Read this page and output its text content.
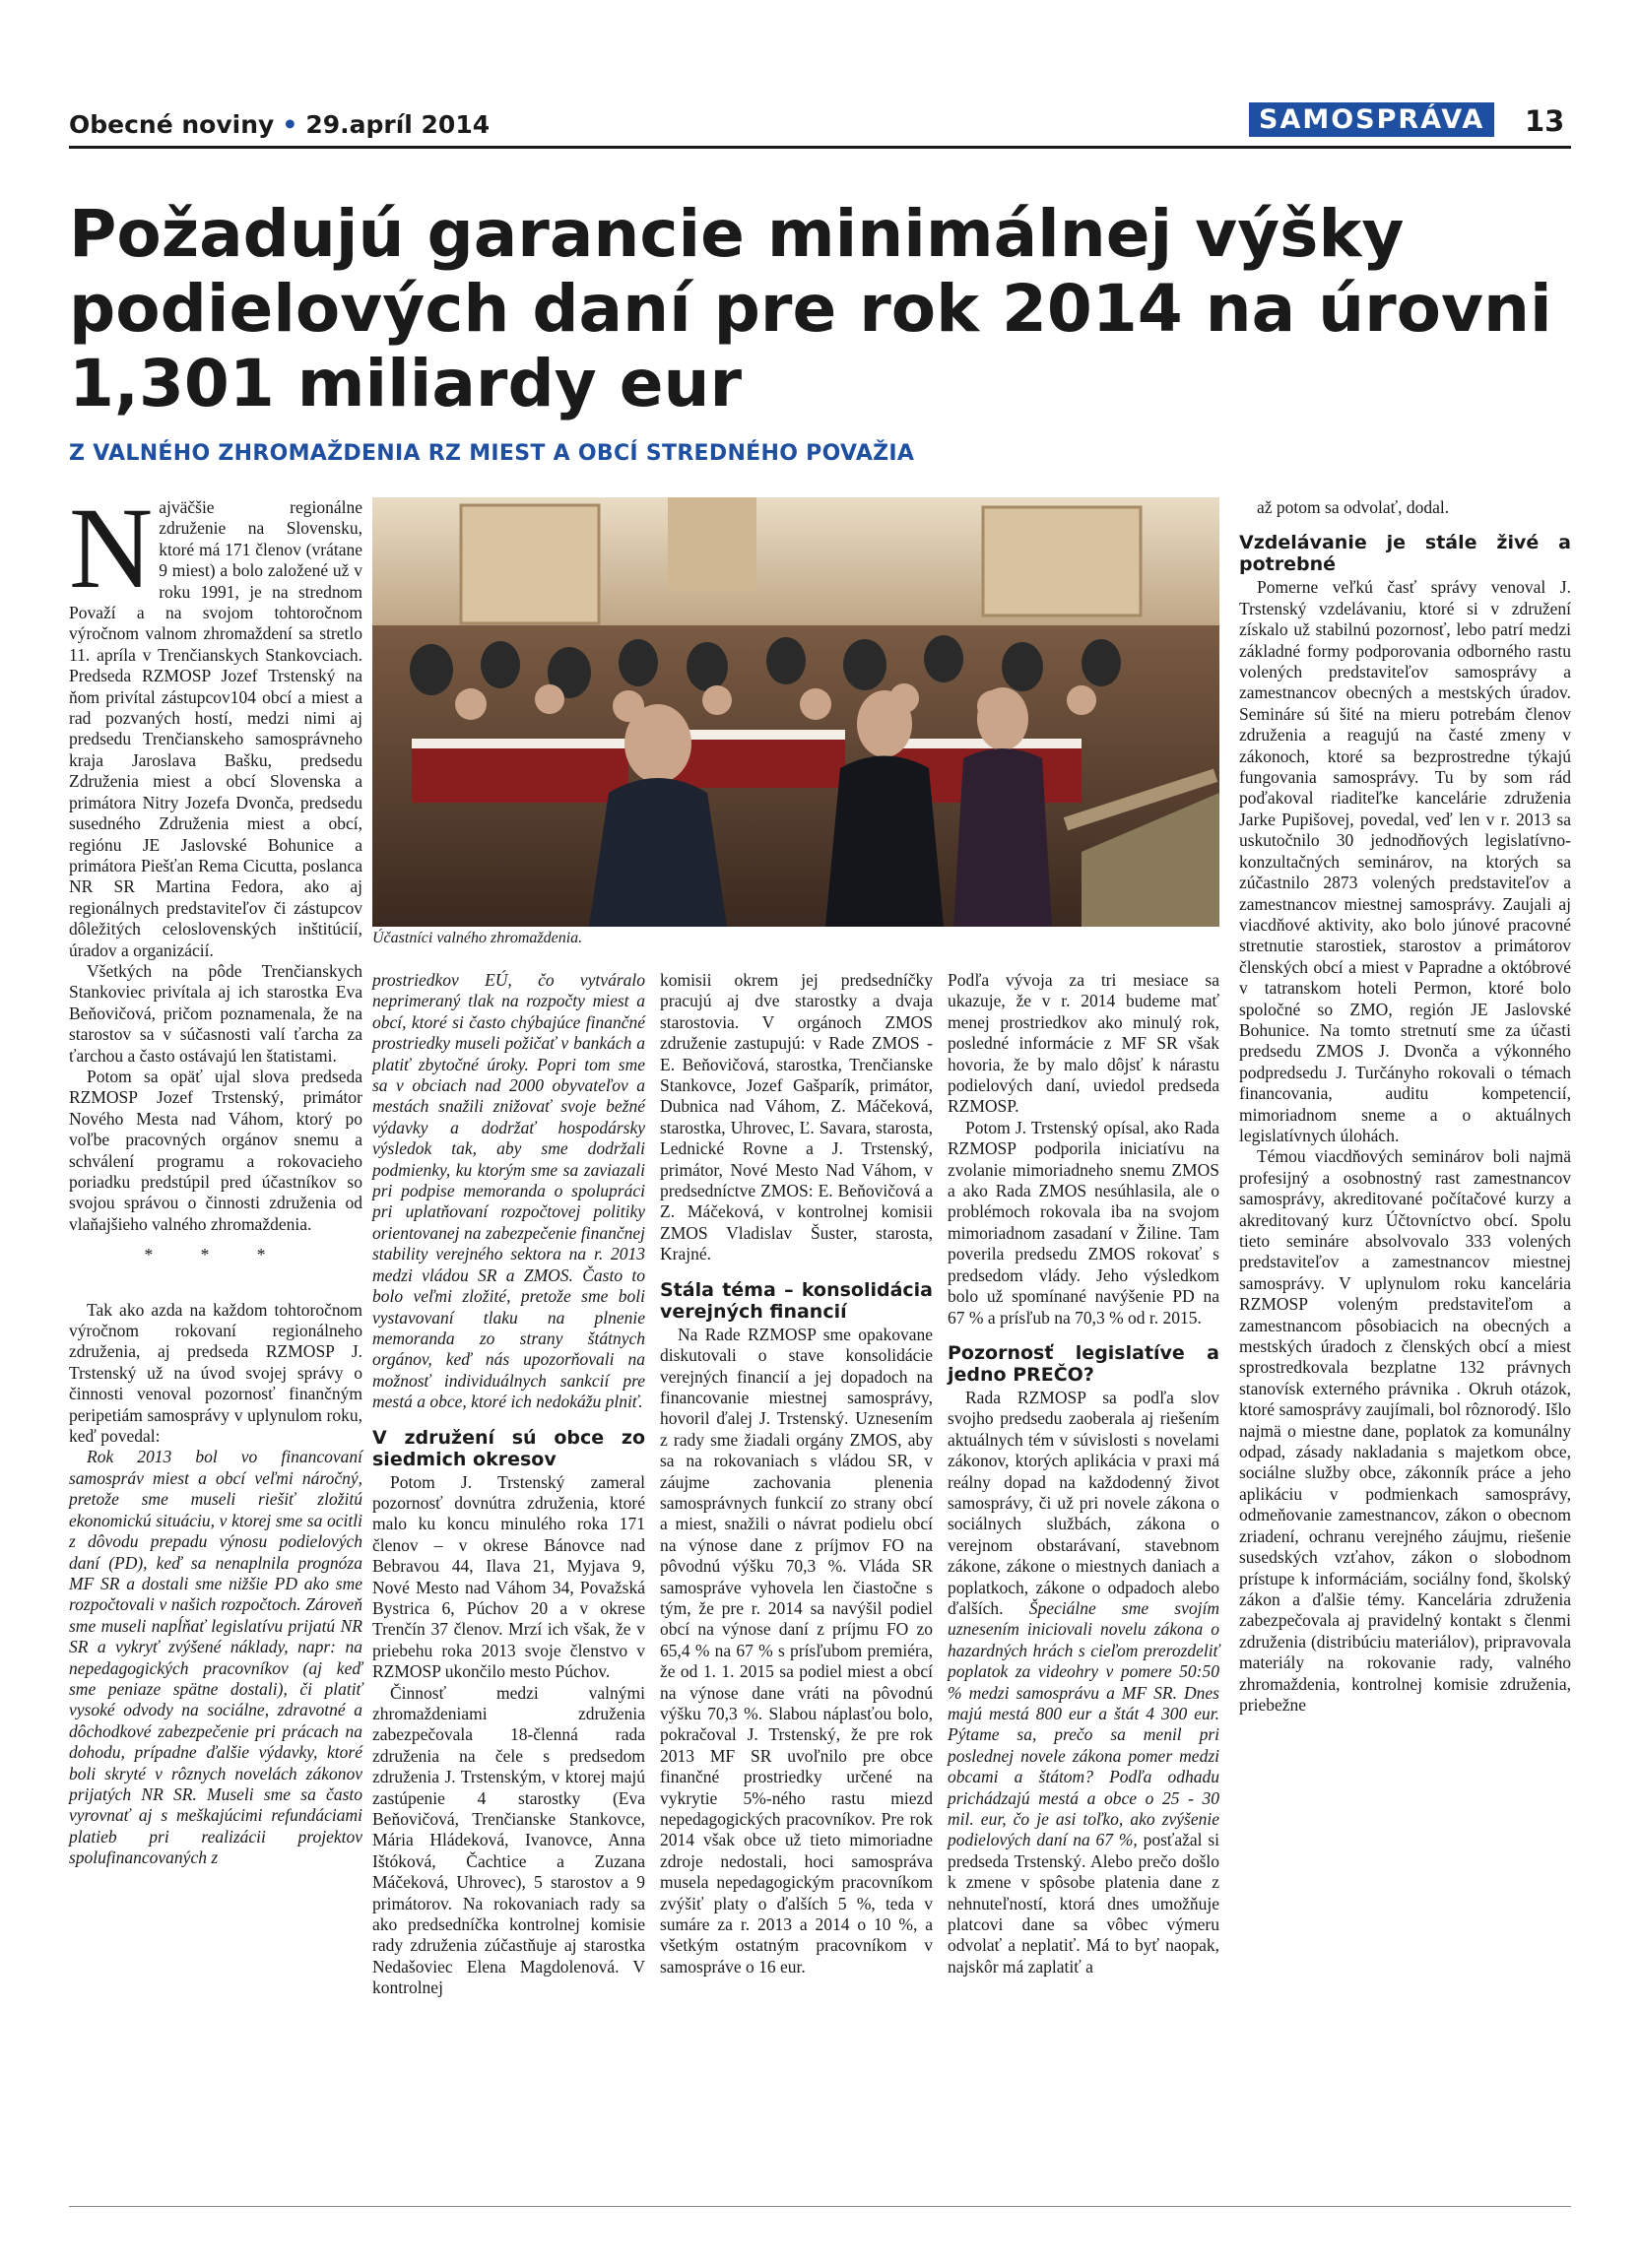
Obecné noviny • 29.apríl 2014	SAMOSPRÁVA	13
Požadujú garancie minimálnej výšky podielových daní pre rok 2014 na úrovni 1,301 miliardy eur
Z VALNÉHO ZHROMAŽDENIA RZ MIEST A OBCÍ STREDNÉHO POVAŽIA
N ajväčšie regionálne združenie na Slovensku, ktoré má 171 členov (vrátane 9 miest) a bolo založené už v roku 1991, je na strednom Považí a na svojom tohtoročnom výročnom valnom zhromaždení sa stretlo 11. apríla v Trenčianskych Stankovciach. Predseda RZMOSP Jozef Trstenský na ňom privítal zástupcov104 obcí a miest a rad pozvaných hostí, medzi nimi aj predsedu Trenčianskeho samosprávneho kraja Jaroslava Bašku, predsedu Združenia miest a obcí Slovenska a primátora Nitry Jozefa Dvonča, predsedu susedného Združenia miest a obcí, regiónu JE Jaslovské Bohunice a primátora Piešťan Rema Cicutta, poslanca NR SR Martina Fedora, ako aj regionálnych predstaviteľov či zástupcov dôležitých celoslovenských inštitúcií, úradov a organizácií.

Všetkých na pôde Trenčianskych Stankoviec privítala aj ich starostka Eva Beňovičová, pričom poznamenala, že na starostov sa v súčasnosti valí ťarcha za ťarchou a často ostávajú len štatistami.

Potom sa opäť ujal slova predseda RZMOSP Jozef Trstenský, primátor Nového Mesta nad Váhom, ktorý po voľbe pracovných orgánov snemu a schválení programu a rokovacieho poriadku predstúpil pred účastníkov so svojou správou o činnosti združenia od vlaňajšieho valného zhromaždenia.

* * *

Tak ako azda na každom tohtoročnom výročnom rokovaní regionálneho združenia, aj predseda RZMOSP J. Trstenský už na úvod svojej správy o činnosti venoval pozornosť finančným peripetiám samosprávy v uplynulom roku, keď povedal:

Rok 2013 bol vo financovaní samospráv miest a obcí veľmi náročný, pretože sme museli riešiť zložitú ekonomickú situáciu, v ktorej sme sa ocitli z dôvodu prepadu výnosu podielových daní (PD), keď sa nenaplnila prognóza MF SR a dostali sme nižšie PD ako sme rozpočtovali v našich rozpočtoch. Zároveň sme museli napĺňať legislatívu prijatú NR SR a vykryť zvýšené náklady, napr: na nepedagogických pracovníkov (aj keď sme peniaze spätne dostali), či platiť vysoké odvody na sociálne, zdravotné a dôchodkové zabezpečenie pri prácach na dohodu, prípadne ďalšie výdavky, ktoré boli skryté v rôznych novelách zákonov prijatých NR SR. Museli sme sa často vyrovnať aj s meškajúcimi refundáciami platieb pri realizácii projektov spolufinancovaných z

Účastníci valného zhromaždenia.

prostriedkov EÚ, čo vytváralo neprimeraný tlak na rozpočty miest a obcí, ktoré si často chýbajúce finančné prostriedky museli požičať v bankách a platiť zbytočné úroky. Popri tom sme sa v obciach nad 2000 obyvateľov a mestách snažili znižovať svoje bežné výdavky a dodržať hospodársky výsledok tak, aby sme dodržali podmienky, ku ktorým sme sa zaviazali pri podpise memoranda o spolupráci pri uplatňovaní rozpočtovej politiky orientovanej na zabezpečenie finančnej stability verejného sektora na r. 2013 medzi vládou SR a ZMOS. Často to bolo veľmi zložité, pretože sme boli vystavovaní tlaku na plnenie memoranda zo strany štátnych orgánov, keď nás upozorňovali na možnosť individuálnych sankcií pre mestá a obce, ktoré ich nedokážu plniť.

V združení sú obce zo siedmich okresov

Potom J. Trstenský zameral pozornosť dovnútra združenia, ktoré malo ku koncu minulého roka 171 členov – v okrese Bánovce nad Bebravou 44, Ilava 21, Myjava 9, Nové Mesto nad Váhom 34, Považská Bystrica 6, Púchov 20 a v okrese Trenčín 37 členov. Mrzí ich však, že v priebehu roka 2013 svoje členstvo v RZMOSP ukončilo mesto Púchov.

Činnosť medzi valnými zhromaždeniami združenia zabezpečovala 18-členná rada združenia na čele s predsedom združenia J. Trstenským, v ktorej majú zastúpenie 4 starostky (Eva Beňovičová, Trenčianske Stankovce, Mária Hládeková, Ivanovce, Anna Ištóková, Čachtice a Zuzana Máčeková, Uhrovec), 5 starostov a 9 primátorov. Na rokovaniach rady sa ako predsedníčka kontrolnej komisie rady združenia zúčastňuje aj starostka Nedašoviec Elena Magdolenová. V kontrolnej

komisii okrem jej predsedníčky pracujú aj dve starostky a dvaja starostovia. V orgánoch ZMOS združenie zastupujú: v Rade ZMOS - E. Beňovičová, starostka, Trenčianske Stankovce, Jozef Gašparík, primátor, Dubnica nad Váhom, Z. Máčeková, starostka, Uhrovec, Ľ. Savara, starosta, Lednické Rovne a J. Trstenský, primátor, Nové Mesto Nad Váhom, v predsedníctve ZMOS: E. Beňovičová a Z. Máčeková, v kontrolnej komisii ZMOS Vladislav Šuster, starosta, Krajné.

Stála téma – konsolidácia verejných financií

Na Rade RZMOSP sme opakovane diskutovali o stave konsolidácie verejných financií a jej dopadoch na financovanie miestnej samosprávy, hovoril ďalej J. Trstenský. Uznesením z rady sme žiadali orgány ZMOS, aby sa na rokovaniach s vládou SR, v záujme zachovania plenenia samosprávnych funkcií zo strany obcí a miest, snažili o návrat podielu obcí na výnose dane z príjmov FO na pôvodnú výšku 70,3 %. Vláda SR samospráve vyhovela len čiastočne s tým, že pre r. 2014 sa navýšil podiel obcí na výnose daní z príjmu FO zo 65,4 % na 67 % s prísľubom premiéra, že od 1. 1. 2015 sa podiel miest a obcí na výnose dane vráti na pôvodnú výšku 70,3 %. Slabou náplasťou bolo, pokračoval J. Trstenský, že pre rok 2013 MF SR uvoľnilo pre obce finančné prostriedky určené na vykrytie 5%-ného rastu miezd nepedagogických pracovníkov. Pre rok 2014 však obce už tieto mimoriadne zdroje nedostali, hoci samospráva musela nepedagogickým pracovníkom zvýšiť platy o ďalších 5 %, teda v sumáre za r. 2013 a 2014 o 10 %, a všetkým ostatným pracovníkom v samospráve o 16 eur.

Podľa vývoja za tri mesiace sa ukazuje, že v r. 2014 budeme mať menej prostriedkov ako minulý rok, posledné informácie z MF SR však hovoria, že by malo dôjsť k nárastu podielových daní, uviedol predseda RZMOSP.

Potom J. Trstenský opísal, ako Rada RZMOSP podporila iniciatívu na zvolanie mimoriadneho snemu ZMOS a ako Rada ZMOS nesúhlasila, ale o problémoch rokovala iba na svojom mimoriadnom zasadaní v Žiline. Tam poverila predsedu ZMOS rokovať s predsedom vlády. Jeho výsledkom bolo už spomínané navýšenie PD na 67 % a prísľub na 70,3 % od r. 2015.

Pozornosť legislatíve a jedno PREČO?

Rada RZMOSP sa podľa slov svojho predsedu zaoberala aj riešením aktuálnych tém v súvislosti s novelami zákonov, ktorých aplikácia v praxi má reálny dopad na každodenný život samosprávy, či už pri novele zákona o sociálnych službách, zákona o verejnom obstarávaní, stavebnom zákone, zákone o miestnych daniach a poplatkoch, zákone o odpadoch alebo ďalších. Špeciálne sme svojím uznesením iniciovali novelu zákona o hazardných hrách s cieľom prerozdeliť poplatok za videohry v pomere 50:50 % medzi samosprávu a MF SR. Dnes majú mestá 800 eur a štát 4 300 eur. Pýtame sa, prečo sa menil pri poslednej novele zákona pomer medzi obcami a štátom? Podľa odhadu prichádzajú mestá a obce o 25 - 30 mil. eur, čo je asi toľko, ako zvýšenie podielových daní na 67 %, posťažal si predseda Trstenský. Alebo prečo došlo k zmene v spôsobe platenia dane z nehnuteľností, ktorá dnes umožňuje platcovi dane sa vôbec výmeru odvolať a neplatiť. Má to byť naopak, najskôr má zaplatiť a

až potom sa odvolať, dodal.

Vzdelávanie je stále živé a potrebné

Pomerne veľkú časť správy venoval J. Trstenský vzdelávaniu, ktoré si v združení získalo už stabilnú pozornosť, lebo patrí medzi základné formy podporovania odborného rastu volených predstaviteľov samosprávy a zamestnancov obecných a mestských úradov. Semináre sú šité na mieru potrebám členov združenia a reagujú na časté zmeny v zákonoch, ktoré sa bezprostredne týkajú fungovania samosprávy. Tu by som rád poďakoval riaditeľke kancelárie združenia Jarke Pupišovej, povedal, veď len v r. 2013 sa uskutočnilo 30 jednodňových legislatívno-konzultačných seminárov, na ktorých sa zúčastnilo 2873 volených predstaviteľov a zamestnancov miestnej samosprávy. Zaujali aj viacdňové aktivity, ako bolo júnové pracovné stretnutie starostiek, starostov a primátorov členských obcí a miest v Papradne a októbrové v tatranskom hoteli Permon, ktoré bolo spoločné so ZMO, región JE Jaslovské Bohunice. Na tomto stretnutí sme za účasti predsedu ZMOS J. Dvonča a výkonného podpredsedu J. Turčányho rokovali o témach financovania, auditu kompetencií, mimoriadnom sneme a o aktuálnych legislatívnych úlohách.

Témou viacdňových seminárov boli najmä profesijný a osobnostný rast zamestnancov samosprávy, akreditované počítačové kurzy a akreditovaný kurz Účtovníctvo obcí. Spolu tieto semináre absolvovalo 333 volených predstaviteľov a zamestnancov miestnej samosprávy. V uplynulom roku kancelária RZMOSP voleným predstaviteľom a zamestnancom pôsobiacich na obecných a mestských úradoch z členských obcí a miest sprostredkovala bezplatne 132 právnych stanovísk externého právnika . Okruh otázok, ktoré samosprávy zaujímali, bol rôznorodý. Išlo najmä o miestne dane, poplatok za komunálny odpad, zásady nakladania s majetkom obce, sociálne služby obce, zákonník práce a jeho aplikáciu v podmienkach samosprávy, odmeňovanie zamestnancov, zákon o obecnom zriadení, ochranu verejného záujmu, riešenie susedských vzťahov, zákon o slobodnom prístupe k informáciám, sociálny fond, školský zákon a ďalšie témy. Kancelária združenia zabezpečovala aj pravidelný kontakt s členmi združenia (distribúciu materiálov), pripravovala materiály na rokovanie rady, valného zhromaždenia, kontrolnej komisie združenia, priebežne
